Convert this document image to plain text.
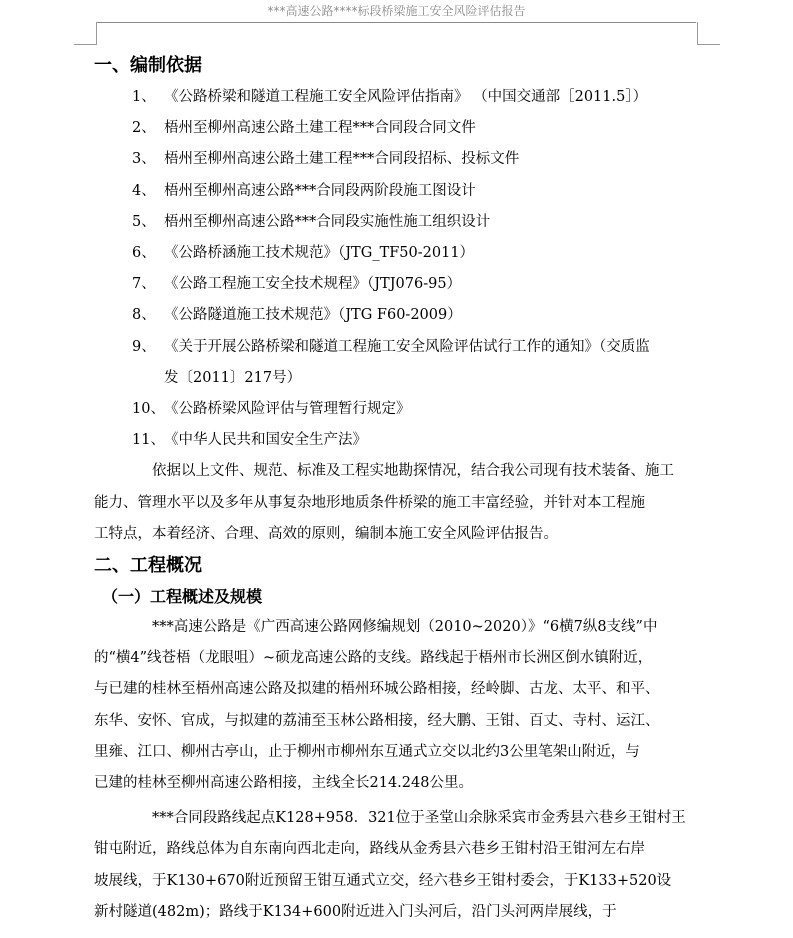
***高速公路****标段桥梁施工安全风险评估报告
一、编制依据
1、 《公路桥梁和隧道工程施工安全风险评估指南》 （中国交通部［2011.5］）
2、 梧州至柳州高速公路土建工程***合同段合同文件
3、 梧州至柳州高速公路土建工程***合同段招标、投标文件
4、 梧州至柳州高速公路***合同段两阶段施工图设计
5、 梧州至柳州高速公路***合同段实施性施工组织设计
6、 《公路桥涵施工技术规范》（JTG_TF50-2011）
7、 《公路工程施工安全技术规程》（JTJ076-95）
8、 《公路隧道施工技术规范》（JTG F60-2009）
9、 《关于开展公路桥梁和隧道工程施工安全风险评估试行工作的通知》（交质监
发〔2011〕217号）
10、 《公路桥梁风险评估与管理暂行规定》
11、 《中华人民共和国安全生产法》
依据以上文件、规范、标准及工程实地勘探情况，结合我公司现有技术装备、施工
能力、管理水平以及多年从事复杂地形地质条件桥梁的施工丰富经验，并针对本工程施
工特点，本着经济、合理、高效的原则，编制本施工安全风险评估报告。
二、工程概况
（一）工程概述及规模
***高速公路是《广西高速公路网修编规划（2010~2020）》“6横7纵8支线”中
的“横4”线苍梧（龙眼咀）~硕龙高速公路的支线。路线起于梧州市长洲区倒水镇附近，
与已建的桂林至梧州高速公路及拟建的梧州环城公路相接，经岭脚、古龙、太平、和平、
东华、安怀、官成，与拟建的荔浦至玉林公路相接，经大鹏、王钳、百丈、寺村、运江、
里雍、江口、柳州古亭山，止于柳州市柳州东互通式立交以北约3公里笔架山附近，与
已建的桂林至柳州高速公路相接，主线全长214.248公里。
***合同段路线起点K128+958．321位于圣堂山余脉采宾市金秀县六巷乡王钳村王
钳屯附近，路线总体为自东南向西北走向，路线从金秀县六巷乡王钳村沿王钳河左右岸
坡展线，于K130+670附近预留王钳互通式立交，经六巷乡王钳村委会，于K133+520设
新村隧道(482m)；路线于K134+600附近进入门头河后，沿门头河两岸展线，于
